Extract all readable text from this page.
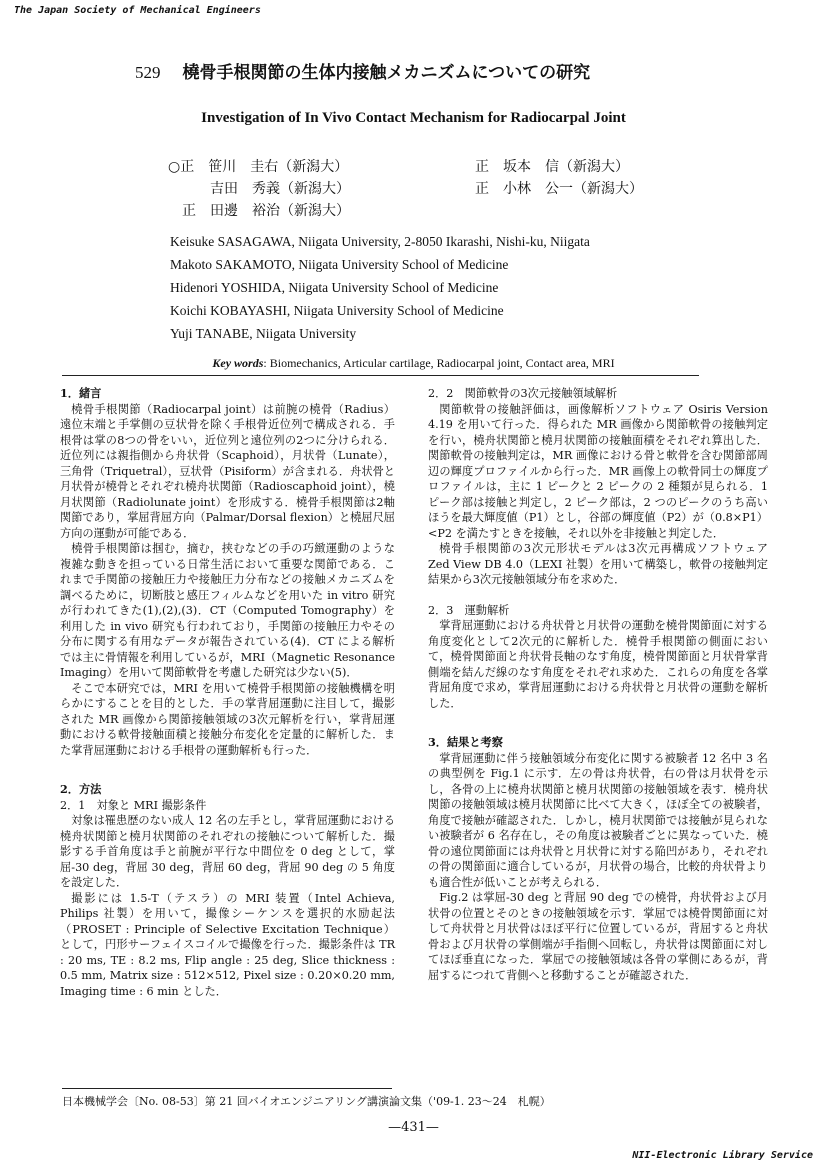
The Japan Society of Mechanical Engineers
529 橈骨手根関節の生体内接触メカニズムについての研究
Investigation of In Vivo Contact Mechanism for Radiocarpal Joint
○正　笹川　圭右（新潟大）
　　　吉田　秀義（新潟大）
　正　田邊　裕治（新潟大）
正　坂本　信（新潟大）
正　小林　公一（新潟大）
Keisuke SASAGAWA, Niigata University, 2-8050 Ikarashi, Nishi-ku, Niigata
Makoto SAKAMOTO, Niigata University School of Medicine
Hidenori YOSHIDA, Niigata University School of Medicine
Koichi KOBAYASHI, Niigata University School of Medicine
Yuji TANABE, Niigata University
Key words: Biomechanics, Articular cartilage, Radiocarpal joint, Contact area, MRI
1．緒言

橈骨手根関節（Radiocarpal joint）は前腕の橈骨（Radius）遠位末端と手掌側の豆状骨を除く手根骨近位列で構成される．手根骨は掌の8つの骨をいい，近位列と遠位列の2つに分けられる．近位列には親指側から舟状骨（Scaphoid），月状骨（Lunate），三角骨（Triquetral），豆状骨（Pisiform）が含まれる．舟状骨と月状骨が橈骨とそれぞれ橈舟状関節（Radioscaphoid joint），橈月状関節（Radiolunate joint）を形成する．橈骨手根関節は2軸関節であり，掌屈背屈方向（Palmar/Dorsal flexion）と橈屈尺屈方向の運動が可能である．

橈骨手根関節は掴む，摘む，挟むなどの手の巧緻運動のような複雑な動きを担っている日常生活において重要な関節である．これまで手関節の接触圧力や接触圧力分布などの接触メカニズムを調べるために，切断肢と感圧フィルムなどを用いた in vitro 研究が行われてきた(1),(2),(3)．CT（Computed Tomography）を利用した in vivo 研究も行われており，手関節の接触圧力やその分布に関する有用なデータが報告されている(4)．CT による解析では主に骨情報を利用しているが，MRI（Magnetic Resonance Imaging）を用いて関節軟骨を考慮した研究は少ない(5)．

そこで本研究では，MRI を用いて橈骨手根関節の接触機構を明らかにすることを目的とした．手の掌背屈運動に注目して，撮影された MR 画像から関節接触領域の3次元解析を行い，掌背屈運動における軟骨接触面積と接触分布変化を定量的に解析した．また掌背屈運動における手根骨の運動解析も行った．

2．方法
2．1　対象と MRI 撮影条件

対象は罹患歴のない成人 12 名の左手とし，掌背屈運動における橈舟状関節と橈月状関節のそれぞれの接触について解析した．撮影する手首角度は手と前腕が平行な中間位を 0 deg として，掌屈-30 deg，背屈 30 deg，背屈 60 deg，背屈 90 deg の 5 角度を設定した．

撮影には 1.5-T（テスラ）の MRI 装置（Intel Achieva, Philips 社製）を用いて，撮像シーケンスを選択的水励起法（PROSET : Principle of Selective Excitation Technique）として，円形サーフェイスコイルで撮像を行った．撮影条件は TR : 20 ms, TE : 8.2 ms, Flip angle : 25 deg, Slice thickness : 0.5 mm, Matrix size : 512×512, Pixel size : 0.20×0.20 mm, Imaging time : 6 min とした．

2．2　関節軟骨の3次元接触領域解析

関節軟骨の接触評価は，画像解析ソフトウェア Osiris Version 4.19 を用いて行った．得られた MR 画像から関節軟骨の接触判定を行い，橈舟状関節と橈月状関節の接触面積をそれぞれ算出した．関節軟骨の接触判定は，MR 画像における骨と軟骨を含む関節部周辺の輝度プロファイルから行った．MR 画像上の軟骨同士の輝度プロファイルは，主に 1 ピークと 2 ピークの 2 種類が見られる．1 ピーク部は接触と判定し，2 ピーク部は，2 つのピークのうち高いほうを最大輝度値（P1）とし，谷部の輝度値（P2）が（0.8×P1）<P2 を満たすときを接触，それ以外を非接触と判定した．

橈骨手根関節の3次元形状モデルは3次元再構成ソフトウェア Zed View DB 4.0（LEXI 社製）を用いて構築し，軟骨の接触判定結果から3次元接触領域分布を求めた．

2．3　運動解析

掌背屈運動における舟状骨と月状骨の運動を橈骨関節面に対する角度変化として2次元的に解析した．橈骨手根関節の側面において，橈骨関節面と舟状骨長軸のなす角度，橈骨関節面と月状骨掌背側端を結んだ線のなす角度をそれぞれ求めた．これらの角度を各掌背屈角度で求め，掌背屈運動における舟状骨と月状骨の運動を解析した．

3．結果と考察

掌背屈運動に伴う接触領域分布変化に関する被験者 12 名中 3 名の典型例を Fig.1 に示す．左の骨は舟状骨，右の骨は月状骨を示し，各骨の上に橈舟状関節と橈月状関節の接触領域を表す．橈舟状関節の接触領域は橈月状関節に比べて大きく，ほぼ全ての被験者，角度で接触が確認された．しかし，橈月状関節では接触が見られない被験者が 6 名存在し，その角度は被験者ごとに異なっていた．橈骨の遠位関節面には舟状骨と月状骨に対する陥凹があり，それぞれの骨の関節面に適合しているが，月状骨の場合，比較的舟状骨よりも適合性が低いことが考えられる．

Fig.2 は掌屈-30 deg と背屈 90 deg での橈骨，舟状骨および月状骨の位置とそのときの接触領域を示す．掌屈では橈骨関節面に対して舟状骨と月状骨はほぼ平行に位置しているが，背屈すると舟状骨および月状骨の掌側端が手指側へ回転し，舟状骨は関節面に対してほぼ垂直になった．掌屈での接触領域は各骨の掌側にあるが，背屈するにつれて背側へと移動することが確認された．

日本機械学会〔No. 08-53〕第 21 回バイオエンジニアリング講演論文集（'09-1. 23〜24　札幌）
—431—
NII-Electronic Library Service
